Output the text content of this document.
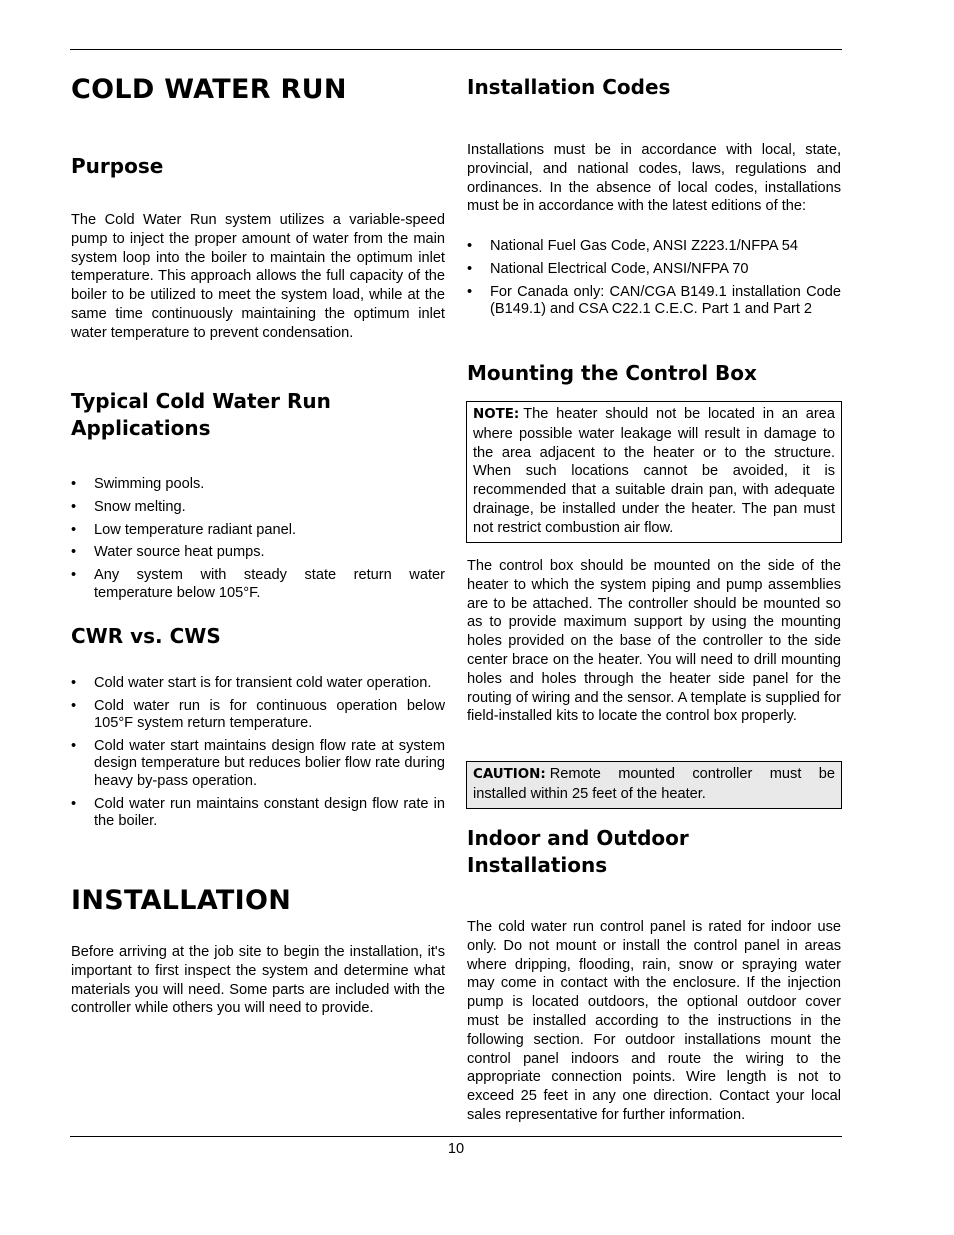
COLD WATER RUN
Purpose

The Cold Water Run system utilizes a variable-speed pump to inject the proper amount of water from the main system loop into the boiler to maintain the optimum inlet temperature. This approach allows the full capacity of the boiler to be utilized to meet the system load, while at the same time continuously maintaining the optimum inlet water temperature to prevent condensation.

Typical Cold Water Run
Applications
• Swimming pools.
• Snow melting.
• Low temperature radiant panel.
• Water source heat pumps.
• Any system with steady state return water temperature below 105°F.
CWR vs. CWS
• Cold water start is for transient cold water operation.
• Cold water run is for continuous operation below 105°F system return temperature.
• Cold water start maintains design flow rate at system design temperature but reduces bolier flow rate during heavy by-pass operation.
• Cold water run maintains constant design flow rate in the boiler.
INSTALLATION

Before arriving at the job site to begin the installation, it's important to first inspect the system and determine what materials you will need. Some parts are included with the controller while others you will need to provide.

Installation Codes

Installations must be in accordance with local, state, provincial, and national codes, laws, regulations and ordinances. In the absence of local codes, installations must be in accordance with the latest editions of the:

• National Fuel Gas Code, ANSI Z223.1/NFPA 54
• National Electrical Code, ANSI/NFPA 70
• For Canada only: CAN/CGA B149.1 installation Code (B149.1) and CSA C22.1 C.E.C. Part 1 and Part 2
Mounting the Control Box

NOTE: The heater should not be located in an area where possible water leakage will result in damage to the area adjacent to the heater or to the structure. When such locations cannot be avoided, it is recommended that a suitable drain pan, with adequate drainage, be installed under the heater. The pan must not restrict combustion air flow.

The control box should be mounted on the side of the heater to which the system piping and pump assemblies are to be attached. The controller should be mounted so as to provide maximum support by using the mounting holes provided on the base of the controller to the side center brace on the heater. You will need to drill mounting holes and holes through the heater side panel for the routing of wiring and the sensor. A template is supplied for field-installed kits to locate the control box properly.

CAUTION: Remote mounted controller must be installed within 25 feet of the heater.

Indoor and Outdoor
Installations

The cold water run control panel is rated for indoor use only. Do not mount or install the control panel in areas where dripping, flooding, rain, snow or spraying water may come in contact with the enclosure. If the injection pump is located outdoors, the optional outdoor cover must be installed according to the instructions in the following section. For outdoor installations mount the control panel indoors and route the wiring to the appropriate connection points. Wire length is not to exceed 25 feet in any one direction. Contact your local sales representative for further information.

10
